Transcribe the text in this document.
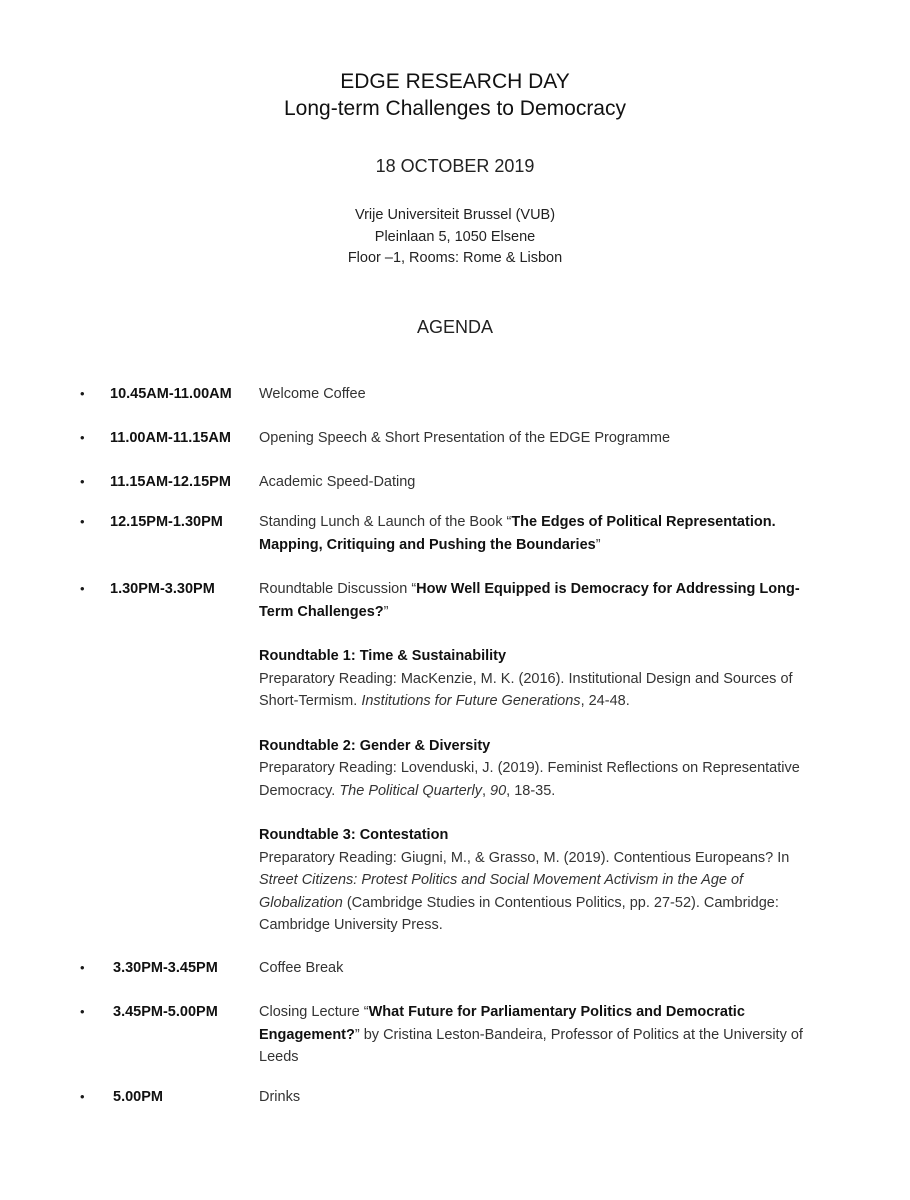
EDGE RESEARCH DAY
Long-term Challenges to Democracy
18 OCTOBER 2019
Vrije Universiteit Brussel (VUB)
Pleinlaan 5, 1050 Elsene
Floor –1, Rooms: Rome & Lisbon
AGENDA
•	10.45AM-11.00AM Welcome Coffee
•	11.00AM-11.15AM Opening Speech & Short Presentation of the EDGE Programme
•	11.15AM-12.15PM Academic Speed-Dating
•	12.15PM-1.30PM Standing Lunch & Launch of the Book “The Edges of Political Representation. Mapping, Critiquing and Pushing the Boundaries”
•	1.30PM-3.30PM	Roundtable Discussion “How Well Equipped is Democracy for Addressing Long-Term Challenges?”
Roundtable 1: Time & Sustainability
Preparatory Reading: MacKenzie, M. K. (2016). Institutional Design and Sources of Short-Termism. Institutions for Future Generations, 24-48.
Roundtable 2: Gender & Diversity
Preparatory Reading: Lovenduski, J. (2019). Feminist Reflections on Representative Democracy. The Political Quarterly, 90, 18-35.
Roundtable 3: Contestation
Preparatory Reading: Giugni, M., & Grasso, M. (2019). Contentious Europeans? In Street Citizens: Protest Politics and Social Movement Activism in the Age of Globalization (Cambridge Studies in Contentious Politics, pp. 27-52). Cambridge: Cambridge University Press.
•	3.30PM-3.45PM	Coffee Break
•	3.45PM-5.00PM	Closing Lecture “What Future for Parliamentary Politics and Democratic Engagement?” by Cristina Leston-Bandeira, Professor of Politics at the University of Leeds
•	5.00PM	Drinks
